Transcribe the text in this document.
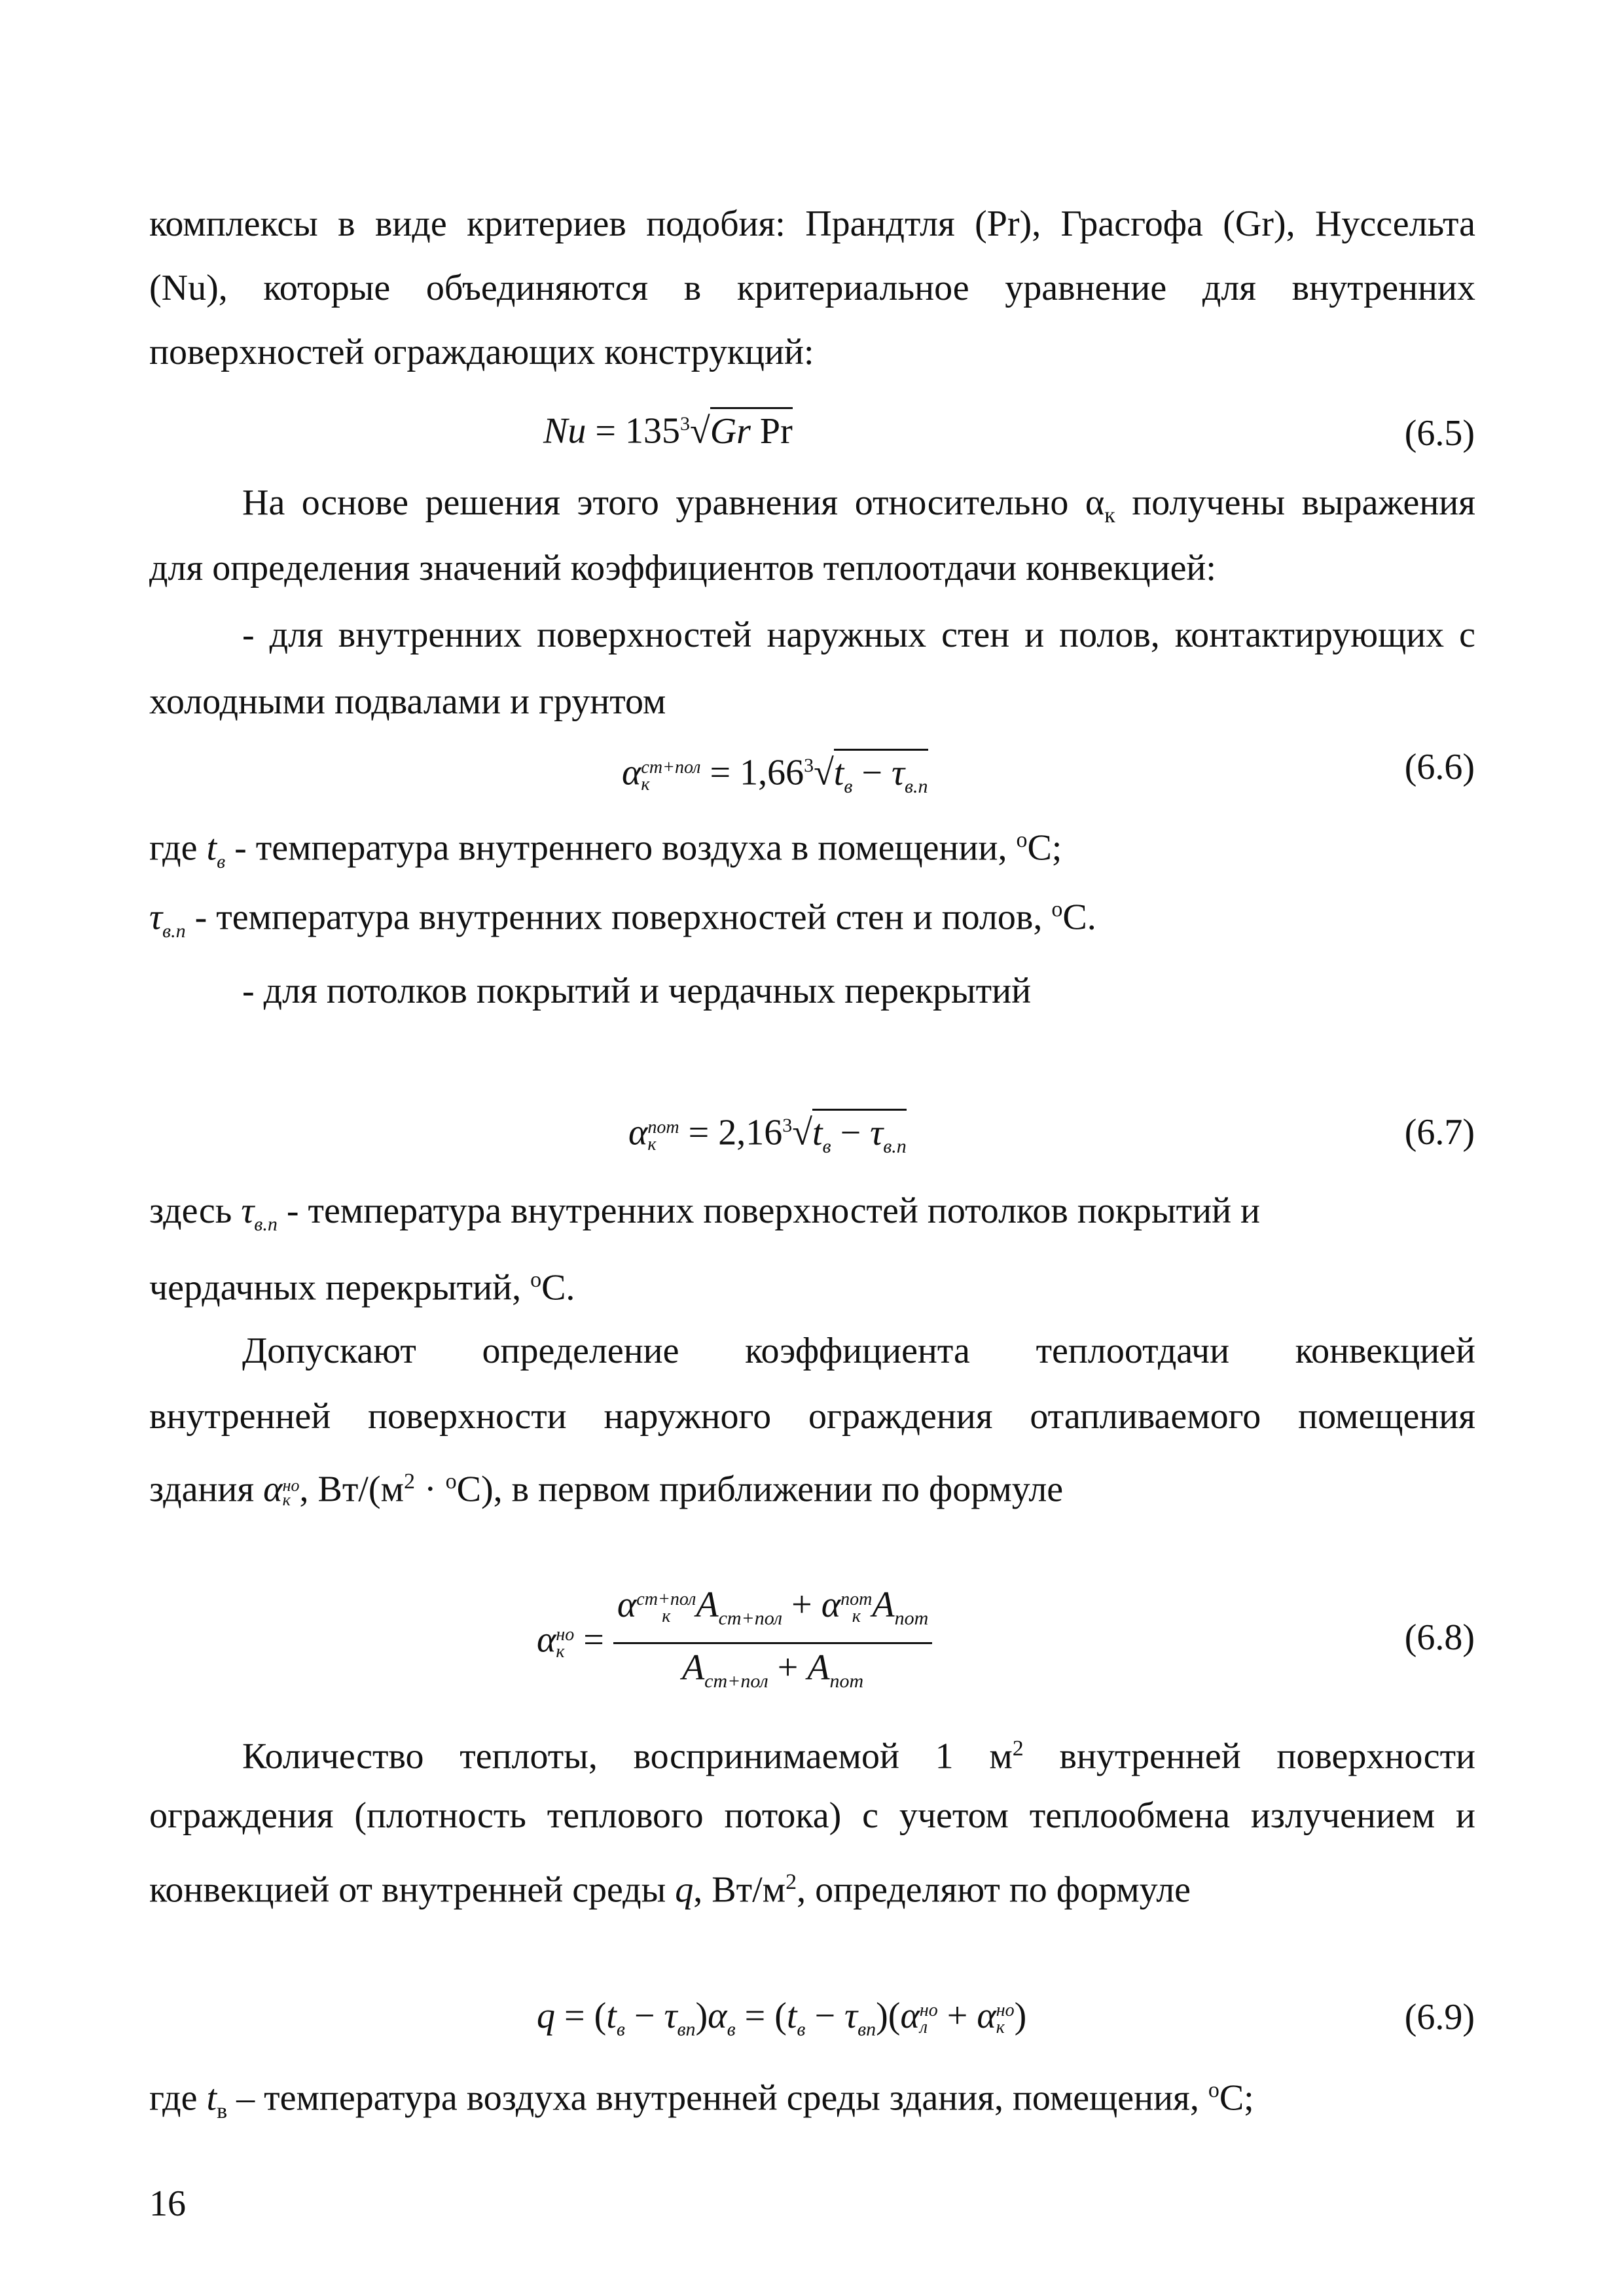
комплексы в виде критериев подобия: Прандтля (Pr), Грасгофа (Gr), Нуссельта
(Nu), которые объединяются в критериальное уравнение для внутренних
поверхностей ограждающих конструкций:
$Nu = 135^3√Gr$ Pr	(6.5)
На основе решения этого уравнения относительно $\alpha_к$ получены выражения
для определения значений коэффициентов теплоотдачи конвекцией:
- для внутренних поверхностей наружных стен и полов, контактирующих с
холодными подвалами и грунтом
α ст+пол
к	= $1,66^3√t_в - \tau_{в.п}$	(6.6)
где $t_в$ - температура внутреннего воздуха в помещении, $^о$С;
$\tau_{в.п}$ - температура внутренних поверхностей стен и полов, $^о$С.
- для потолков покрытий и чердачных перекрытий
α пот
$к = 2,16^3√t_в - \tau_{в.п}$	(6.7)
здесь $\tau_{в.п}$ - температура внутренних поверхностей потолков покрытий и
чердачных перекрытий, $^о$С.
Допускают определение коэффициента теплоотдачи конвекцией
внутренней поверхности наружного ограждения отапливаемого помещения
здания α но
к , $Вт/(м^2 \cdot ^оС)$, в первом приближении по формуле
α но
к = α ст+пол
к $A_{ст+пол} + \alpha$ пот
к $A_{пот}$
$A_{ст+пол} + A_{пот}$	(6.8)
Количество теплоты, воспринимаемой 1 $м^2$ внутренней поверхности
ограждения (плотность теплового потока) с учетом теплообмена излучением и
конвекцией от внутренней среды q, $Вт/м^2$, определяют по формуле
$q = (t_в - \tau_{вп})\alpha_в = (t_в - \tau_{вп})(\alpha$ но
л + α но
к )	(6.9)
где $t_в$ – температура воздуха внутренней среды здания, помещения, $^о$С;
16
